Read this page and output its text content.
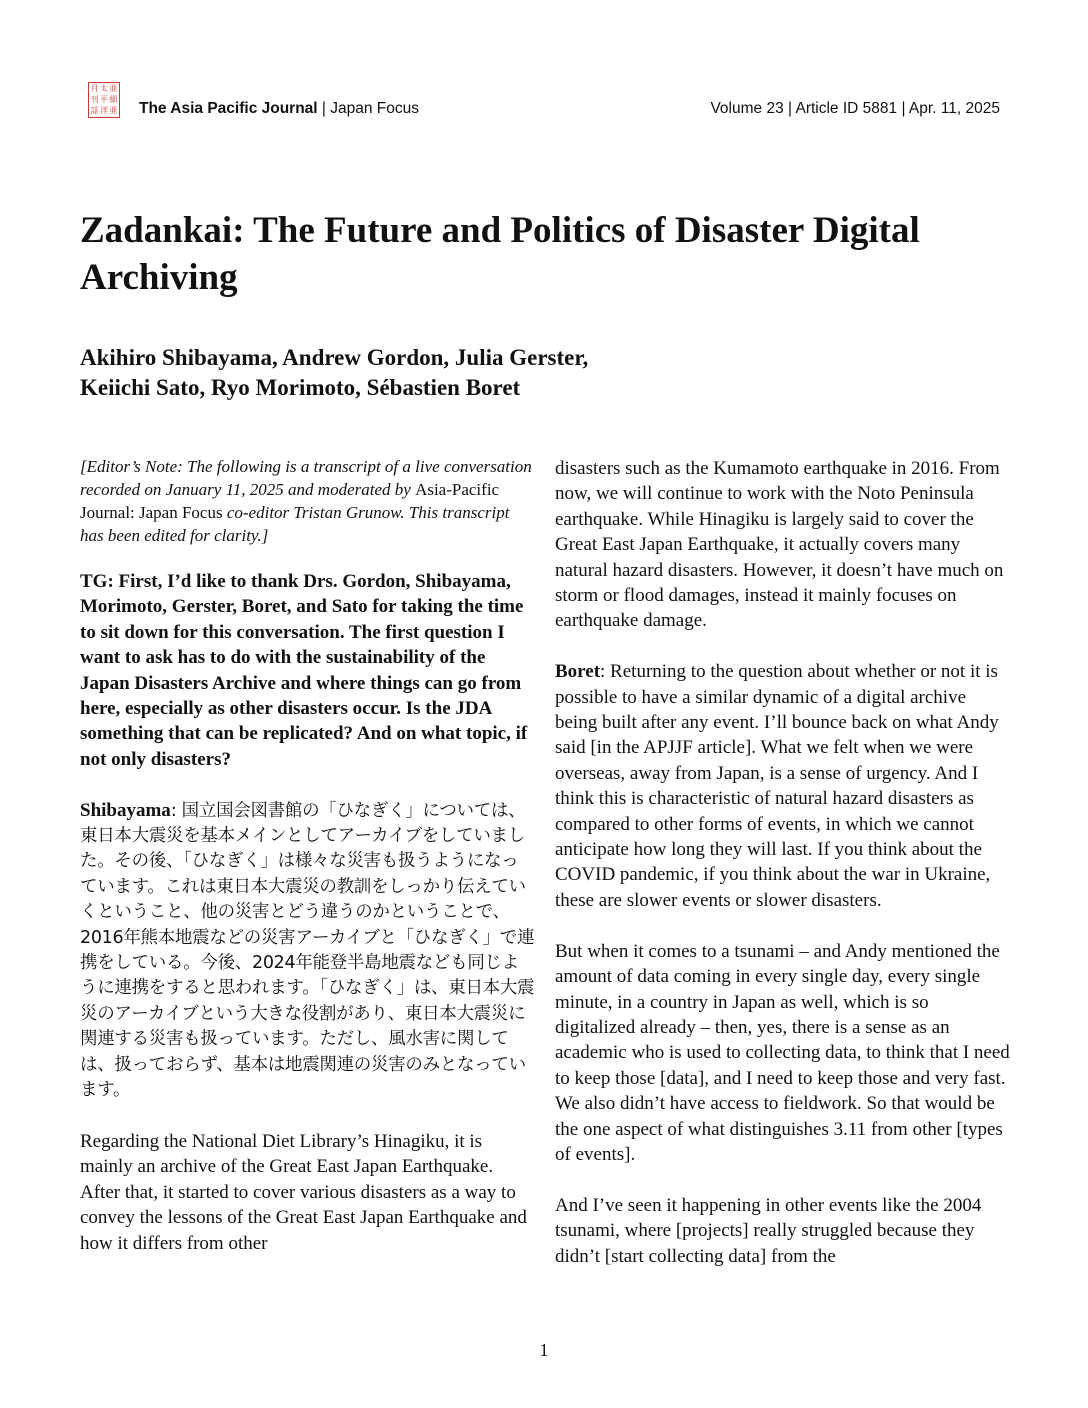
月 太 亜
刊 平 細
誌 洋 亜 The Asia Pacific Journal | Japan Focus	Volume 23 | Article ID 5881 | Apr. 11, 2025
Zadankai: The Future and Politics of Disaster Digital Archiving
Akihiro Shibayama, Andrew Gordon, Julia Gerster,
Keiichi Sato, Ryo Morimoto, Sébastien Boret

[Editor’s Note: The following is a transcript of a live conversation recorded on January 11, 2025 and moderated by Asia-Pacific Journal: Japan Focus co-editor Tristan Grunow. This transcript has been edited for clarity.]

TG: First, I’d like to thank Drs. Gordon, Shibayama, Morimoto, Gerster, Boret, and Sato for taking the time to sit down for this conversation. The first question I want to ask has to do with the sustainability of the Japan Disasters Archive and where things can go from here, especially as other disasters occur. Is the JDA something that can be replicated? And on what topic, if not only disasters?

Shibayama: 国立国会図書館の「ひなぎく」については、東日本大震災を基本メインとしてアーカイブをしていました。その後、「ひなぎく」は様々な災害も扱うようになっています。これは東日本大震災の教訓をしっかり伝えていくということ、他の災害とどう違うのかということで、2016年熊本地震などの災害アーカイブと「ひなぎく」で連携をしている。今後、2024年能登半島地震なども同じように連携をすると思われます。「ひなぎく」は、東日本大震災のアーカイブという大きな役割があり、東日本大震災に関連する災害も扱っています。ただし、風水害に関しては、扱っておらず、基本は地震関連の災害のみとなっています。

Regarding the National Diet Library’s Hinagiku, it is mainly an archive of the Great East Japan Earthquake. After that, it started to cover various disasters as a way to convey the lessons of the Great East Japan Earthquake and how it differs from other

disasters such as the Kumamoto earthquake in 2016. From now, we will continue to work with the Noto Peninsula earthquake. While Hinagiku is largely said to cover the Great East Japan Earthquake, it actually covers many natural hazard disasters. However, it doesn’t have much on storm or flood damages, instead it mainly focuses on earthquake damage.

Boret: Returning to the question about whether or not it is possible to have a similar dynamic of a digital archive being built after any event. I’ll bounce back on what Andy said [in the APJJF article]. What we felt when we were overseas, away from Japan, is a sense of urgency. And I think this is characteristic of natural hazard disasters as compared to other forms of events, in which we cannot anticipate how long they will last. If you think about the COVID pandemic, if you think about the war in Ukraine, these are slower events or slower disasters.

But when it comes to a tsunami – and Andy mentioned the amount of data coming in every single day, every single minute, in a country in Japan as well, which is so digitalized already – then, yes, there is a sense as an academic who is used to collecting data, to think that I need to keep those [data], and I need to keep those and very fast. We also didn’t have access to fieldwork. So that would be the one aspect of what distinguishes 3.11 from other [types of events].

And I’ve seen it happening in other events like the 2004 tsunami, where [projects] really struggled because they didn’t [start collecting data] from the

1
